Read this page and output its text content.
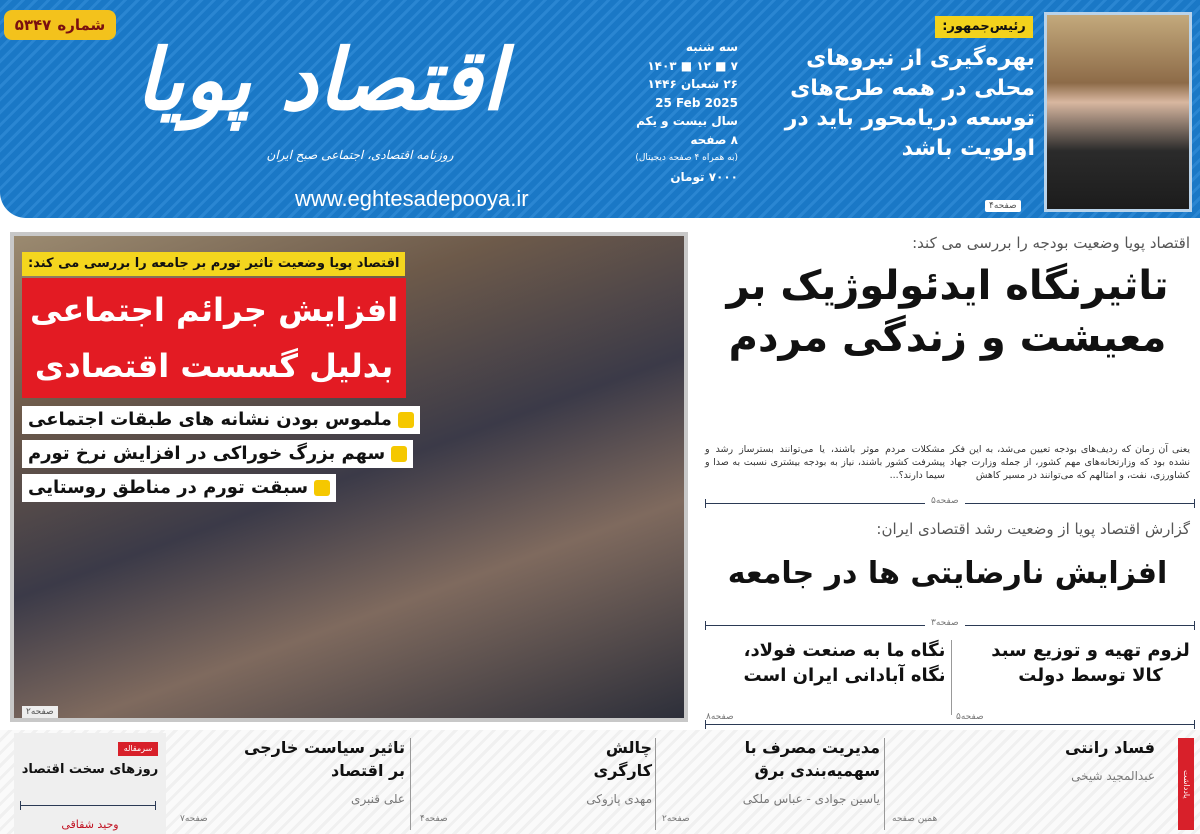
شماره
۵۳۴۷
اقتصاد پویا
روزنامه اقتصادی، اجتماعی صبح ایران
www.eghtesadepooya.ir
سه شنبه
۷ ■ ۱۲ ■ ۱۴۰۳
۲۶ شعبان ۱۴۴۶
25 Feb 2025
سال بیست و یکم
۸ صفحه
(به همراه ۴ صفحه دیجیتال)
۷۰۰۰ تومان
رئیس‌جمهور:
بهره‌گیری از نیروهای محلی در همه طرح‌های توسعه دریامحور باید در اولویت باشد
صفحه۴
اقتصاد پویا وضعیت تاثیر تورم بر جامعه را بررسی می کند:
افزایش جرائم اجتماعی
بدلیل گسست اقتصادی
ملموس بودن نشانه های طبقات اجتماعی
سهم بزرگ خوراکی در افزایش نرخ تورم
سبقت تورم در مناطق روستایی
صفحه۲
اقتصاد پویا وضعیت بودجه را بررسی می کند:
تاثیرنگاه ایدئولوژیک بر معیشت و زندگی مردم
یعنی آن زمان که ردیف‌های بودجه تعیین می‌شد، به این فکر نشده بود که وزارتخانه‌های مهم کشور، از جمله وزارت جهاد کشاورزی، نفت، و امثالهم که می‌توانند در مسیر کاهش
مشکلات مردم موثر باشند، یا می‌توانند بسترساز رشد و پیشرفت کشور باشند، نیاز به بودجه بیشتری نسبت به صدا و سیما دارند؟...
صفحه۵
گزارش اقتصاد پویا از وضعیت رشد اقتصادی ایران:
افزایش نارضایتی ها در جامعه
صفحه۳
لزوم تهیه و توزیع سبد کالا توسط دولت
صفحه۵
نگاه ما به صنعت فولاد، نگاه آبادانی ایران است
صفحه۸
یادداشت
فساد رانتی
عبدالمجید شیخی
همین صفحه
مدیریت مصرف با سهمیه‌بندی برق
یاسین جوادی - عباس ملکی
صفحه۲
چالش کارگری
مهدی پازوکی
صفحه۴
تاثیر سیاست خارجی بر اقتصاد
علی قنبری
صفحه۷
سرمقاله
روزهای سخت اقتصاد
وحید شقاقی
